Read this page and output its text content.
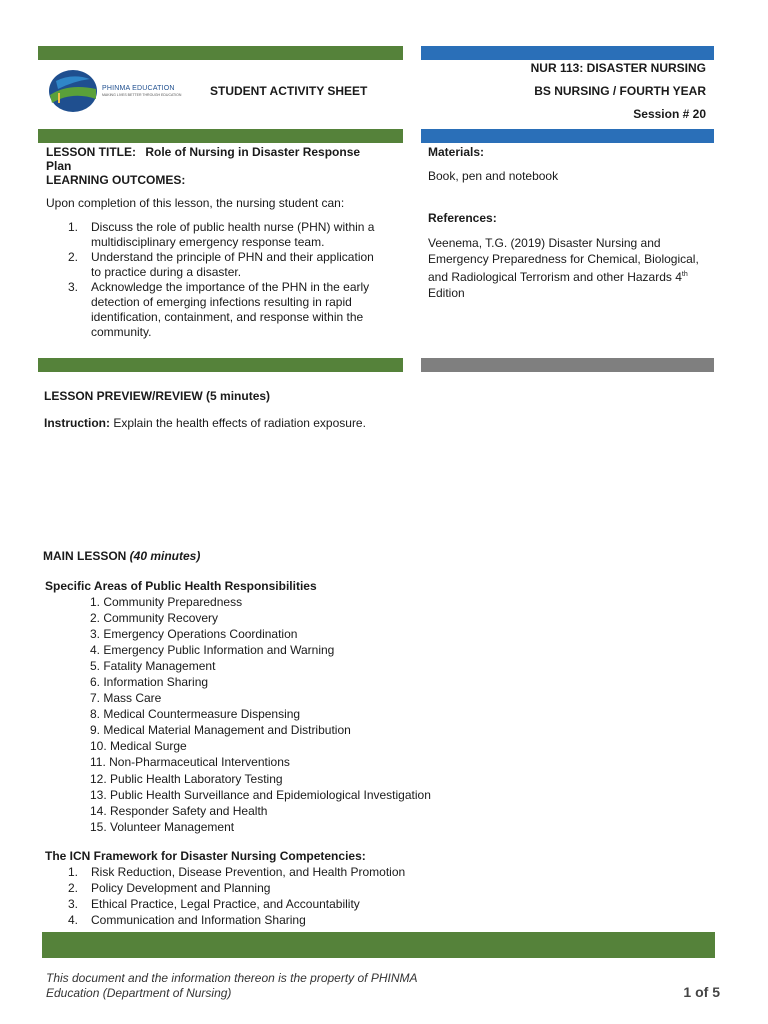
PHINMA EDUCATION
MAKING LIVES BETTER THROUGH EDUCATION STUDENT ACTIVITY SHEET
NUR 113: DISASTER NURSING
BS NURSING / FOURTH YEAR
Session # 20
LESSON TITLE: Role of Nursing in Disaster Response Plan
LEARNING OUTCOMES:
Upon completion of this lesson, the nursing student can:
1. Discuss the role of public health nurse (PHN) within a multidisciplinary emergency response team.
2. Understand the principle of PHN and their application to practice during a disaster.
3. Acknowledge the importance of the PHN in the early detection of emerging infections resulting in rapid identification, containment, and response within the community.
Materials:
Book, pen and notebook
References:
Veenema, T.G. (2019) Disaster Nursing and Emergency Preparedness for Chemical, Biological, and Radiological Terrorism and other Hazards 4th Edition
LESSON PREVIEW/REVIEW (5 minutes)
Instruction: Explain the health effects of radiation exposure.
MAIN LESSON (40 minutes)
Specific Areas of Public Health Responsibilities
1. Community Preparedness
2. Community Recovery
3. Emergency Operations Coordination
4. Emergency Public Information and Warning
5. Fatality Management
6. Information Sharing
7. Mass Care
8. Medical Countermeasure Dispensing
9. Medical Material Management and Distribution
10. Medical Surge
11. Non-Pharmaceutical Interventions
12. Public Health Laboratory Testing
13. Public Health Surveillance and Epidemiological Investigation
14. Responder Safety and Health
15. Volunteer Management
The ICN Framework for Disaster Nursing Competencies:
1. Risk Reduction, Disease Prevention, and Health Promotion
2. Policy Development and Planning
3. Ethical Practice, Legal Practice, and Accountability
4. Communication and Information Sharing
This document and the information thereon is the property of PHINMA
Education (Department of Nursing)	1 of 5
